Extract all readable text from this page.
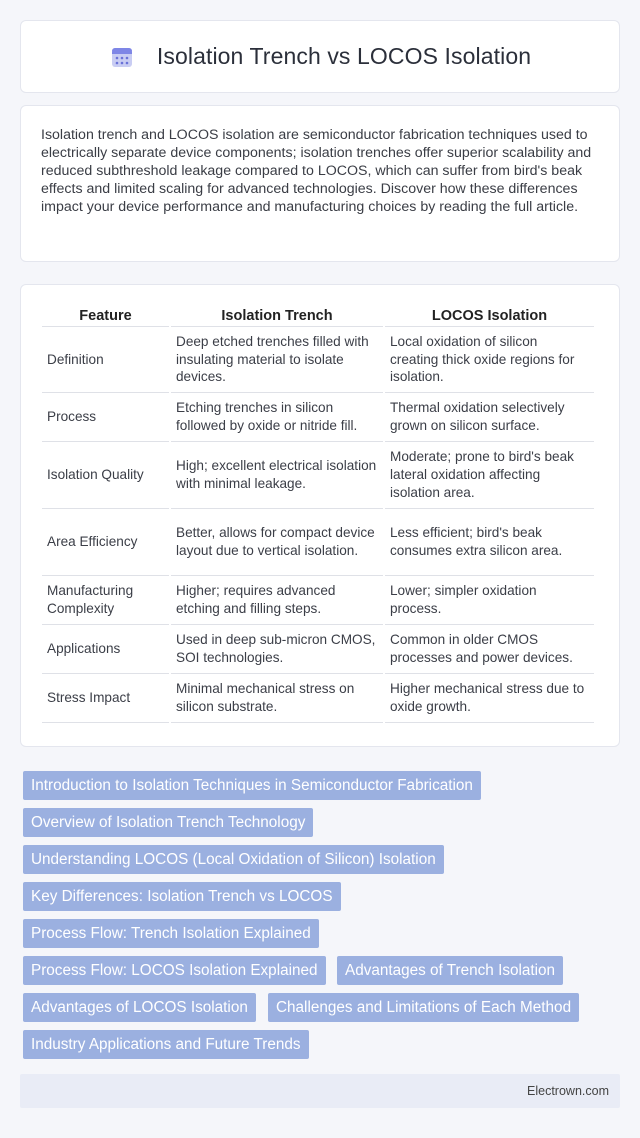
Isolation Trench vs LOCOS Isolation

Isolation trench and LOCOS isolation are semiconductor fabrication techniques used to electrically separate device components; isolation trenches offer superior scalability and reduced subthreshold leakage compared to LOCOS, which can suffer from bird's beak effects and limited scaling for advanced technologies. Discover how these differences impact your device performance and manufacturing choices by reading the full article.

Feature	Isolation Trench	LOCOS Isolation
Definition	Deep etched trenches filled with insulating material to isolate devices.	Local oxidation of silicon creating thick oxide regions for isolation.
Process	Etching trenches in silicon followed by oxide or nitride fill.	Thermal oxidation selectively grown on silicon surface.
Isolation Quality	High; excellent electrical isolation with minimal leakage.	Moderate; prone to bird's beak lateral oxidation affecting isolation area.
Area Efficiency	Better, allows for compact device layout due to vertical isolation.	Less efficient; bird's beak consumes extra silicon area.
Manufacturing Complexity	Higher; requires advanced etching and filling steps.	Lower; simpler oxidation process.
Applications	Used in deep sub-micron CMOS, SOI technologies.	Common in older CMOS processes and power devices.
Stress Impact	Minimal mechanical stress on silicon substrate.	Higher mechanical stress due to oxide growth.
Introduction to Isolation Techniques in Semiconductor Fabrication
Overview of Isolation Trench Technology
Understanding LOCOS (Local Oxidation of Silicon) Isolation
Key Differences: Isolation Trench vs LOCOS
Process Flow: Trench Isolation Explained
Process Flow: LOCOS Isolation Explained	Advantages of Trench Isolation
Advantages of LOCOS Isolation	Challenges and Limitations of Each Method
Industry Applications and Future Trends
Electrown.com
